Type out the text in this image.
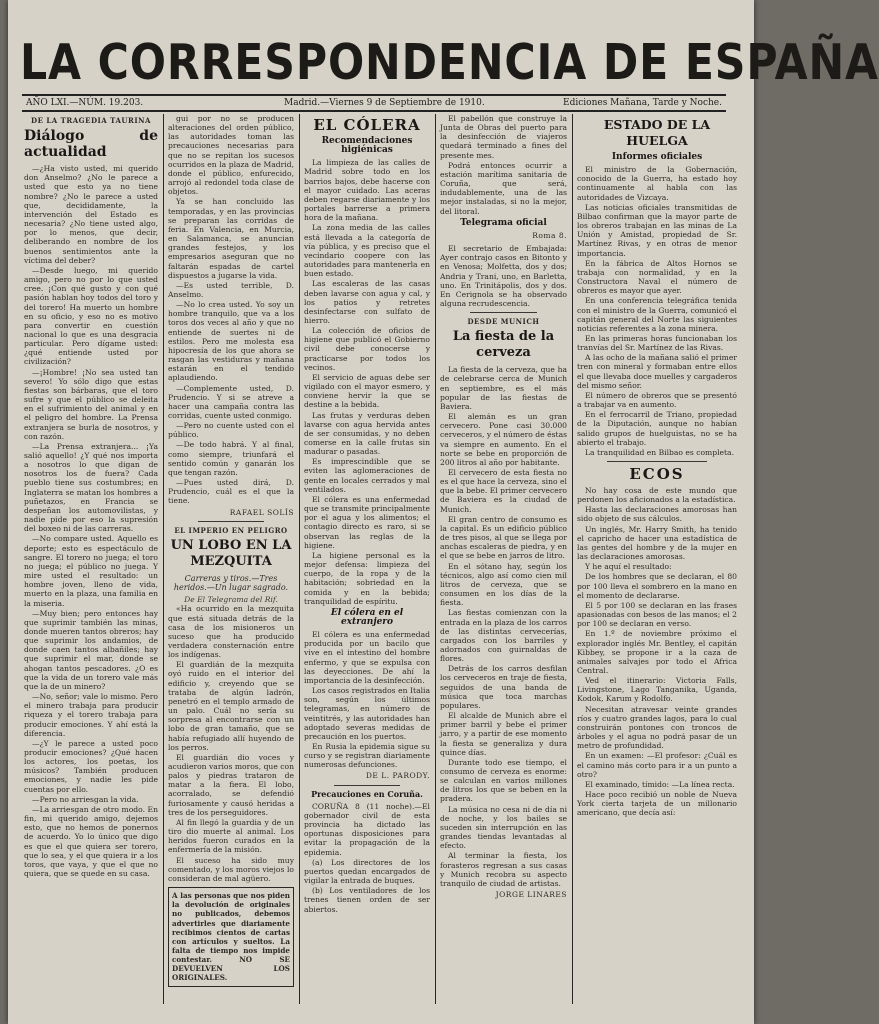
LA CORRESPONDENCIA DE ESPAÑA
AÑO LXI.—NÚM. 19.203.	Madrid.—Viernes 9 de Septiembre de 1910.	Ediciones Mañana, Tarde y Noche.
DE LA TRAGEDIA TAURINA
Diálogo de actualidad

—¿Ha visto usted, mi querido don Anselmo? ¿No le parece a usted que esto ya no tiene nombre? ¿No le parece a usted que, decididamente, la intervención del Estado es necesaria? ¿No tiene usted algo, por lo menos, que decir, deliberando en nombre de los buenos sentimientos ante la víctima del deber?

—Desde luego, mi querido amigo, pero no por lo que usted cree. ¡Con qué gusto y con qué pasión hablan hoy todos del toro y del torero! Ha muerto un hombre en su oficio, y eso no es motivo para convertir en cuestión nacional lo que es una desgracia particular. Pero dígame usted: ¿qué entiende usted por civilización?

—¡Hombre! ¡No sea usted tan severo! Yo sólo digo que estas fiestas son bárbaras, que el toro sufre y que el público se deleita en el sufrimiento del animal y en el peligro del hombre. La Prensa extranjera se burla de nosotros, y con razón.

—La Prensa extranjera... ¡Ya salió aquello! ¿Y qué nos importa a nosotros lo que digan de nosotros los de fuera? Cada pueblo tiene sus costumbres; en Inglaterra se matan los hombres a puñetazos, en Francia se despeñan los automovilistas, y nadie pide por eso la supresión del boxeo ni de las carreras.

—No compare usted. Aquello es deporte; esto es espectáculo de sangre. El torero no juega; el toro no juega; el público no juega. Y mire usted el resultado: un hombre joven, lleno de vida, muerto en la plaza, una familia en la miseria.

—Muy bien; pero entonces hay que suprimir también las minas, donde mueren tantos obreros; hay que suprimir los andamios, de donde caen tantos albañiles; hay que suprimir el mar, donde se ahogan tantos pescadores. ¿O es que la vida de un torero vale más que la de un minero?

—No, señor; vale lo mismo. Pero el minero trabaja para producir riqueza y el torero trabaja para producir emociones. Y ahí está la diferencia.

—¿Y le parece a usted poco producir emociones? ¿Qué hacen los actores, los poetas, los músicos? También producen emociones, y nadie les pide cuentas por ello.

—Pero no arriesgan la vida.

—La arriesgan de otro modo. En fin, mi querido amigo, dejemos esto, que no hemos de ponernos de acuerdo. Yo lo único que digo es que el que quiera ser torero, que lo sea, y el que quiera ir a los toros, que vaya, y que el que no quiera, que se quede en su casa.

gui por no se producen alteraciones del orden público, las autoridades toman las precauciones necesarias para que no se repitan los sucesos ocurridos en la plaza de Madrid, donde el público, enfurecido, arrojó al redondel toda clase de objetos.

Ya se han concluido las temporadas, y en las provincias se preparan las corridas de feria. En Valencia, en Murcia, en Salamanca, se anuncian grandes festejos, y los empresarios aseguran que no faltarán espadas de cartel dispuestos a jugarse la vida.

—Es usted terrible, D. Anselmo.

—No lo crea usted. Yo soy un hombre tranquilo, que va a los toros dos veces al año y que no entiende de suertes ni de estilos. Pero me molesta esa hipocresía de los que ahora se rasgan las vestiduras y mañana estarán en el tendido aplaudiendo.

—Complemente usted, D. Prudencio. Y si se atreve a hacer una campaña contra las corridas, cuente usted conmigo.

—Pero no cuente usted con el público.

—De todo habrá. Y al final, como siempre, triunfará el sentido común y ganarán los que tengan razón.

—Pues usted dirá, D. Prudencio, cuál es el que la tiene.

RAFAEL SOLÍS
EL IMPERIO EN PELIGRO
UN LOBO EN LA MEZQUITA
Carreras y tiros.—Tres heridos.—Un lugar sagrado.
De El Telegrama del Rif.

«Ha ocurrido en la mezquita que está situada detrás de la casa de los misioneros un suceso que ha producido verdadera consternación entre los indígenas.

El guardián de la mezquita oyó ruido en el interior del edificio y, creyendo que se trataba de algún ladrón, penetró en el templo armado de un palo. Cuál no sería su sorpresa al encontrarse con un lobo de gran tamaño, que se había refugiado allí huyendo de los perros.

El guardián dio voces y acudieron varios moros, que con palos y piedras trataron de matar a la fiera. El lobo, acorralado, se defendió furiosamente y causó heridas a tres de los perseguidores.

Al fin llegó la guardia y de un tiro dio muerte al animal. Los heridos fueron curados en la enfermería de la misión.

El suceso ha sido muy comentado, y los moros viejos lo consideran de mal agüero.

A las personas que nos piden la devolución de originales no publicados, debemos advertirles que diariamente recibimos cientos de cartas con artículos y sueltos. La falta de tiempo nos impide contestar. NO SE DEVUELVEN LOS ORIGINALES.
EL CÓLERA
Recomendaciones higiénicas

La limpieza de las calles de Madrid sobre todo en los barrios bajos, debe hacerse con el mayor cuidado. Las aceras deben regarse diariamente y los portales barrerse a primera hora de la mañana.

La zona media de las calles está llevada a la categoría de vía pública, y es preciso que el vecindario coopere con las autoridades para mantenerla en buen estado.

Las escaleras de las casas deben lavarse con agua y cal, y los patios y retretes desinfectarse con sulfato de hierro.

La colección de oficios de higiene que publicó el Gobierno civil debe conocerse y practicarse por todos los vecinos.

El servicio de aguas debe ser vigilado con el mayor esmero, y conviene hervir la que se destine a la bebida.

Las frutas y verduras deben lavarse con agua hervida antes de ser consumidas, y no deben comerse en la calle frutas sin madurar o pasadas.

Es imprescindible que se eviten las aglomeraciones de gente en locales cerrados y mal ventilados.

El cólera es una enfermedad que se transmite principalmente por el agua y los alimentos; el contagio directo es raro, si se observan las reglas de la higiene.

La higiene personal es la mejor defensa: limpieza del cuerpo, de la ropa y de la habitación; sobriedad en la comida y en la bebida; tranquilidad de espíritu.

El cólera en el extranjero

El cólera es una enfermedad producida por un bacilo que vive en el intestino del hombre enfermo, y que se expulsa con las deyecciones. De ahí la importancia de la desinfección.

Los casos registrados en Italia son, según los últimos telegramas, en número de veintitrés, y las autoridades han adoptado severas medidas de precaución en los puertos.

En Rusia la epidemia sigue su curso y se registran diariamente numerosas defunciones.

DE L. PARODY.
Precauciones en Coruña.

CORUÑA 8 (11 noche).—El gobernador civil de esta provincia ha dictado las oportunas disposiciones para evitar la propagación de la epidemia.

(a) Los directores de los puertos quedan encargados de vigilar la entrada de buques.

(b) Los ventiladores de los trenes tienen orden de ser abiertos.

El pabellón que construye la Junta de Obras del puerto para la desinfección de viajeros quedará terminado a fines del presente mes.

Podrá entonces ocurrir a estación marítima sanitaria de Coruña, que será, indudablemente, una de las mejor instaladas, si no la mejor, del litoral.

Telegrama oficial
Roma 8.

El secretario de Embajada: Ayer contrajo casos en Bitonto y en Venosa; Molfetta, dos y dos; Andria y Trani, uno, en Barletta, uno. En Trinitápolis, dos y dos. En Cerignola se ha observado alguna recrudescencia.

DESDE MUNICH
La fiesta de la cerveza

La fiesta de la cerveza, que ha de celebrarse cerca de Munich en septiembre, es el más popular de las fiestas de Baviera.

El alemán es un gran cervecero. Pone casi 30.000 cerveceros, y el número de éstas va siempre en aumento. En el norte se bebe en proporción de 200 litros al año por habitante.

El cervecero de esta fiesta no es el que hace la cerveza, sino el que la bebe. El primer cervecero de Baviera es la ciudad de Munich.

El gran centro de consumo es la capital. Es un edificio público de tres pisos, al que se llega por anchas escaleras de piedra, y en el que se bebe en jarros de litro.

En el sótano hay, según los técnicos, algo así como cien mil litros de cerveza, que se consumen en los días de la fiesta.

Las fiestas comienzan con la entrada en la plaza de los carros de las distintas cervecerías, cargados con los barriles y adornados con guirnaldas de flores.

Detrás de los carros desfilan los cerveceros en traje de fiesta, seguidos de una banda de música que toca marchas populares.

El alcalde de Munich abre el primer barril y bebe el primer jarro, y a partir de ese momento la fiesta se generaliza y dura quince días.

Durante todo ese tiempo, el consumo de cerveza es enorme: se calculan en varios millones de litros los que se beben en la pradera.

La música no cesa ni de día ni de noche, y los bailes se suceden sin interrupción en las grandes tiendas levantadas al efecto.

Al terminar la fiesta, los forasteros regresan a sus casas y Munich recobra su aspecto tranquilo de ciudad de artistas.

JORGE LINARES
ESTADO DE LA HUELGA
Informes oficiales

El ministro de la Gobernación, conocido de la Guerra, ha estado hoy continuamente al habla con las autoridades de Vizcaya.

Las noticias oficiales transmitidas de Bilbao confirman que la mayor parte de los obreros trabajan en las minas de La Unión y Amistad, propiedad de Sr. Martínez Rivas, y en otras de menor importancia.

En la fábrica de Altos Hornos se trabaja con normalidad, y en la Constructora Naval el número de obreros es mayor que ayer.

En una conferencia telegráfica tenida con el ministro de la Guerra, comunicó el capitán general del Norte las siguientes noticias referentes a la zona minera.

En las primeras horas funcionaban los tranvías del Sr. Martínez de las Rivas.

A las ocho de la mañana salió el primer tren con mineral y formaban entre ellos el que llevaba doce muelles y cargaderos del mismo señor.

El número de obreros que se presentó a trabajar va en aumento.

En el ferrocarril de Triano, propiedad de la Diputación, aunque no habían salido grupos de huelguistas, no se ha abierto el trabajo.

La tranquilidad en Bilbao es completa.

ECOS

No hay cosa de este mundo que perdonen los aficionados a la estadística.

Hasta las declaraciones amorosas han sido objeto de sus cálculos.

Un inglés, Mr. Harry Smith, ha tenido el capricho de hacer una estadística de las gentes del hombre y de la mujer en las declaraciones amorosas.

Y he aquí el resultado:

De los hombres que se declaran, el 80 por 100 lleva el sombrero en la mano en el momento de declararse.

El 5 por 100 se declaran en las frases apasionadas con besos de las manos; el 2 por 100 se declaran en verso.

En 1.º de noviembre próximo el explorador inglés Mr. Bentley, el capitán Kibbey, se propone ir a la caza de animales salvajes por todo el Africa Central.

Ved el itinerario: Victoria Falls, Livingstone, Lago Tanganika, Uganda, Kodok, Karum y Rodolfo.

Necesitan atravesar veinte grandes ríos y cuatro grandes lagos, para lo cual construirán pontones con troncos de árboles y el agua no podrá pasar de un metro de profundidad.

En un examen: —El profesor: ¿Cuál es el camino más corto para ir a un punto a otro?

El examinado, tímido: —La línea recta.

Hace poco recibió un noble de Nueva York cierta tarjeta de un millonario americano, que decía así:
